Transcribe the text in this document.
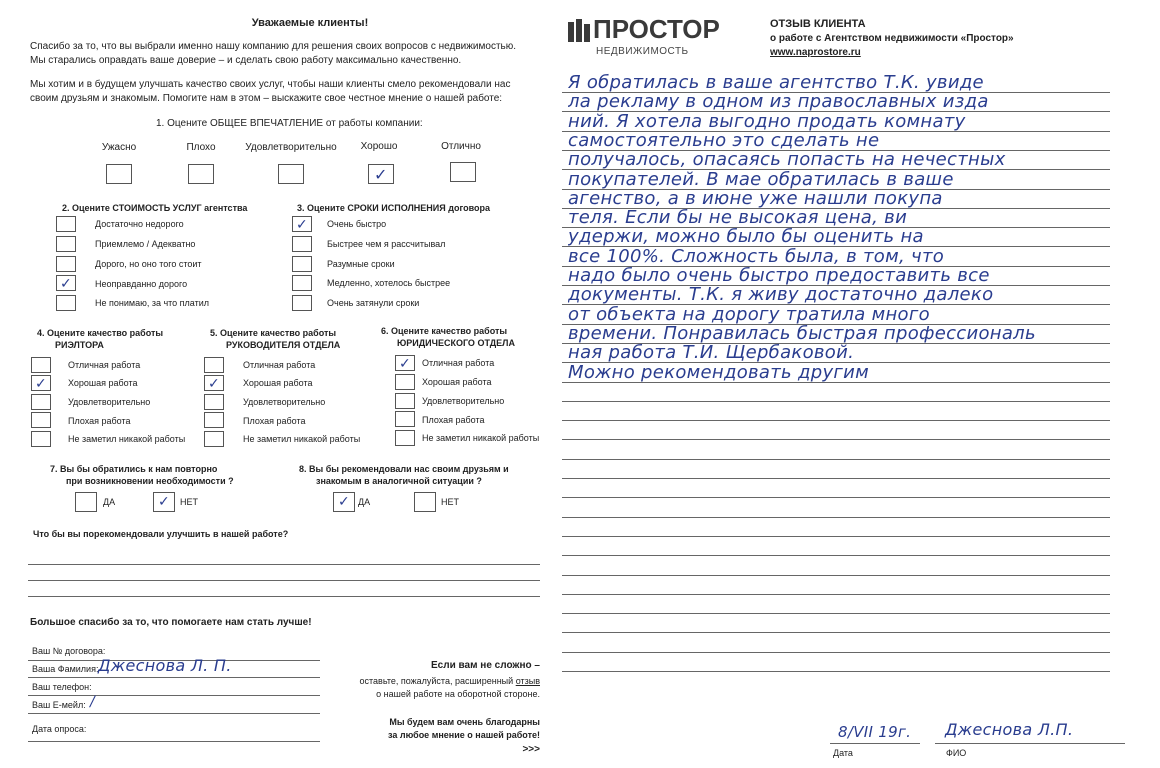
Уважаемые клиенты!
Спасибо за то, что вы выбрали именно нашу компанию для решения своих вопросов с недвижимостью. Мы старались оправдать ваше доверие – и сделать свою работу максимально качественно.
Мы хотим и в будущем улучшать качество своих услуг, чтобы наши клиенты смело рекомендовали нас своим друзьям и знакомым. Помогите нам в этом – выскажите свое честное мнение о нашей работе:
1. Оцените ОБЩЕЕ ВПЕЧАТЛЕНИЕ от работы компании:
Ужасно	Плохо	Удовлетворительно	Хорошо	Отлично
✓
2. Оцените СТОИМОСТЬ УСЛУГ агентства
Достаточно недорого
Приемлемо / Адекватно
Дорого, но оно того стоит
✓	Неоправданно дорого
Не понимаю, за что платил
3. Оцените СРОКИ ИСПОЛНЕНИЯ договора
✓ Очень быстро
Быстрее чем я рассчитывал
Разумные сроки
Медленно, хотелось быстрее
Очень затянули сроки
4. Оцените качество работы
РИЭЛТОРА
Отличная работа
✓ Хорошая работа
Удовлетворительно
Плохая работа
Не заметил никакой работы
5. Оцените качество работы
РУКОВОДИТЕЛЯ ОТДЕЛА
Отличная работа
✓	Хорошая работа
Удовлетворительно
Плохая работа
Не заметил никакой работы
6. Оцените качество работы
ЮРИДИЧЕСКОГО ОТДЕЛА
✓ Отличная работа
Хорошая работа
Удовлетворительно
Плохая работа
Не заметил никакой работы
7. Вы бы обратились к нам повторно
при возникновении необходимости ?
ДА	✓ НЕТ
8. Вы бы рекомендовали нас своим друзьям и
знакомым в аналогичной ситуации ?
✓ ДА	НЕТ
Что бы вы порекомендовали улучшить в нашей работе?
Большое спасибо за то, что помогаете нам стать лучше!
Ваш № договора:
Ваша Фамилия: Джеснова Л. П.
Ваш телефон:
Ваш E-мейл: /
Дата опроса:
Если вам не сложно –
оставьте, пожалуйста, расширенный отзыв
о нашей работе на оборотной стороне.
Мы будем вам очень благодарны
за любое мнение о нашей работе!
>>>
ПРОСТОР
НЕДВИЖИМОСТЬ
ОТЗЫВ КЛИЕНТА
о работе с Агентством недвижимости «Простор»
www.naprostore.ru
Я обратилась в ваше агентство Т.К. увиде
ла рекламу в одном из православных изда
ний. Я хотела выгодно продать комнату
самостоятельно это сделать не
получалось, опасаясь попасть на нечестных
покупателей. В мае обратилась в ваше
агенство, а в июне уже нашли покупа
теля. Если бы не высокая цена, ви
удержи, можно было бы оценить на
все 100%. Сложность была, в том, что
надо было очень быстро предоставить все
документы. Т.К. я живу достаточно далеко
от объекта на дорогу тратила много
времени. Понравилась быстрая профессиональ
ная работа Т.И. Щербаковой.
Можно рекомендовать другим
8/VII 19г.
Дата
Джеснова Л.П.
ФИО
